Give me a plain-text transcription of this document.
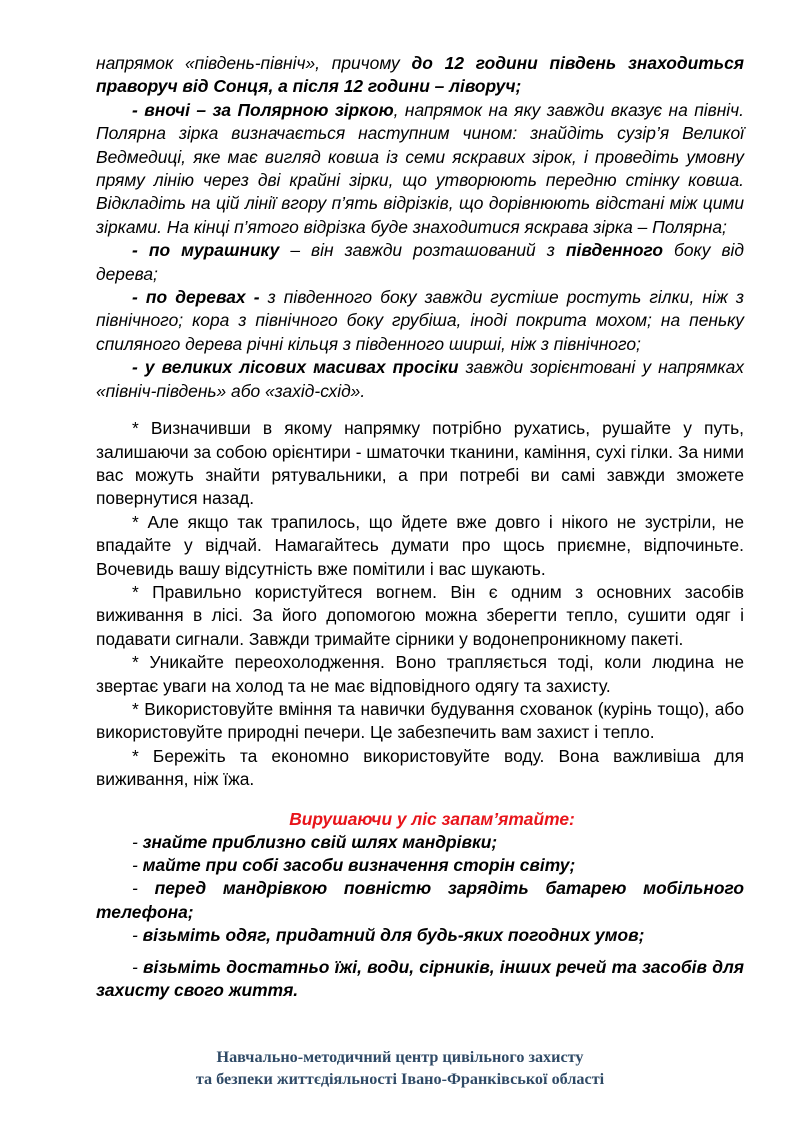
напрямок «південь-північ», причому до 12 години південь знаходиться праворуч від Сонця, а після 12 години – ліворуч;

- вночі – за Полярною зіркою, напрямок на яку завжди вказує на північ. Полярна зірка визначається наступним чином: знайдіть сузір’я Великої Ведмедиці, яке має вигляд ковша із семи яскравих зірок, і проведіть умовну пряму лінію через дві крайні зірки, що утворюють передню стінку ковша. Відкладіть на цій лінії вгору п’ять відрізків, що дорівнюють відстані між цими зірками. На кінці п’ятого відрізка буде знаходитися яскрава зірка – Полярна;

- по мурашнику – він завжди розташований з південного боку від дерева;

- по деревах - з південного боку завжди густіше ростуть гілки, ніж з північного; кора з північного боку грубіша, іноді покрита мохом; на пеньку спиляного дерева річні кільця з південного ширші, ніж з північного;

- у великих лісових масивах просіки завжди зорієнтовані у напрямках «північ-південь» або «захід-схід».

* Визначивши в якому напрямку потрібно рухатись, рушайте у путь, залишаючи за собою орієнтири - шматочки тканини, каміння, сухі гілки. За ними вас можуть знайти рятувальники, а при потребі ви самі завжди зможете повернутися назад.

* Але якщо так трапилось, що йдете вже довго і нікого не зустріли, не впадайте у відчай. Намагайтесь думати про щось приємне, відпочиньте. Вочевидь вашу відсутність вже помітили і вас шукають.

* Правильно користуйтеся вогнем. Він є одним з основних засобів виживання в лісі. За його допомогою можна зберегти тепло, сушити одяг і подавати сигнали. Завжди тримайте сірники у водонепроникному пакеті.

* Уникайте переохолодження. Воно трапляється тоді, коли людина не звертає уваги на холод та не має відповідного одягу та захисту.

* Використовуйте вміння та навички будування схованок (курінь тощо), або використовуйте природні печери. Це забезпечить вам захист і тепло.

* Бережіть та економно використовуйте воду. Вона важливіша для виживання, ніж їжа.

Вирушаючи у ліс запам’ятайте:

- знайте приблизно свій шлях мандрівки;

- майте при собі засоби визначення сторін світу;

- перед мандрівкою повністю зарядіть батарею мобільного телефона;

- візьміть одяг, придатний для будь-яких погодних умов;

- візьміть достатньо їжі, води, сірників, інших речей та засобів для захисту свого життя.

Навчально-методичний центр цивільного захисту
та безпеки життєдіяльності Івано-Франківської області
